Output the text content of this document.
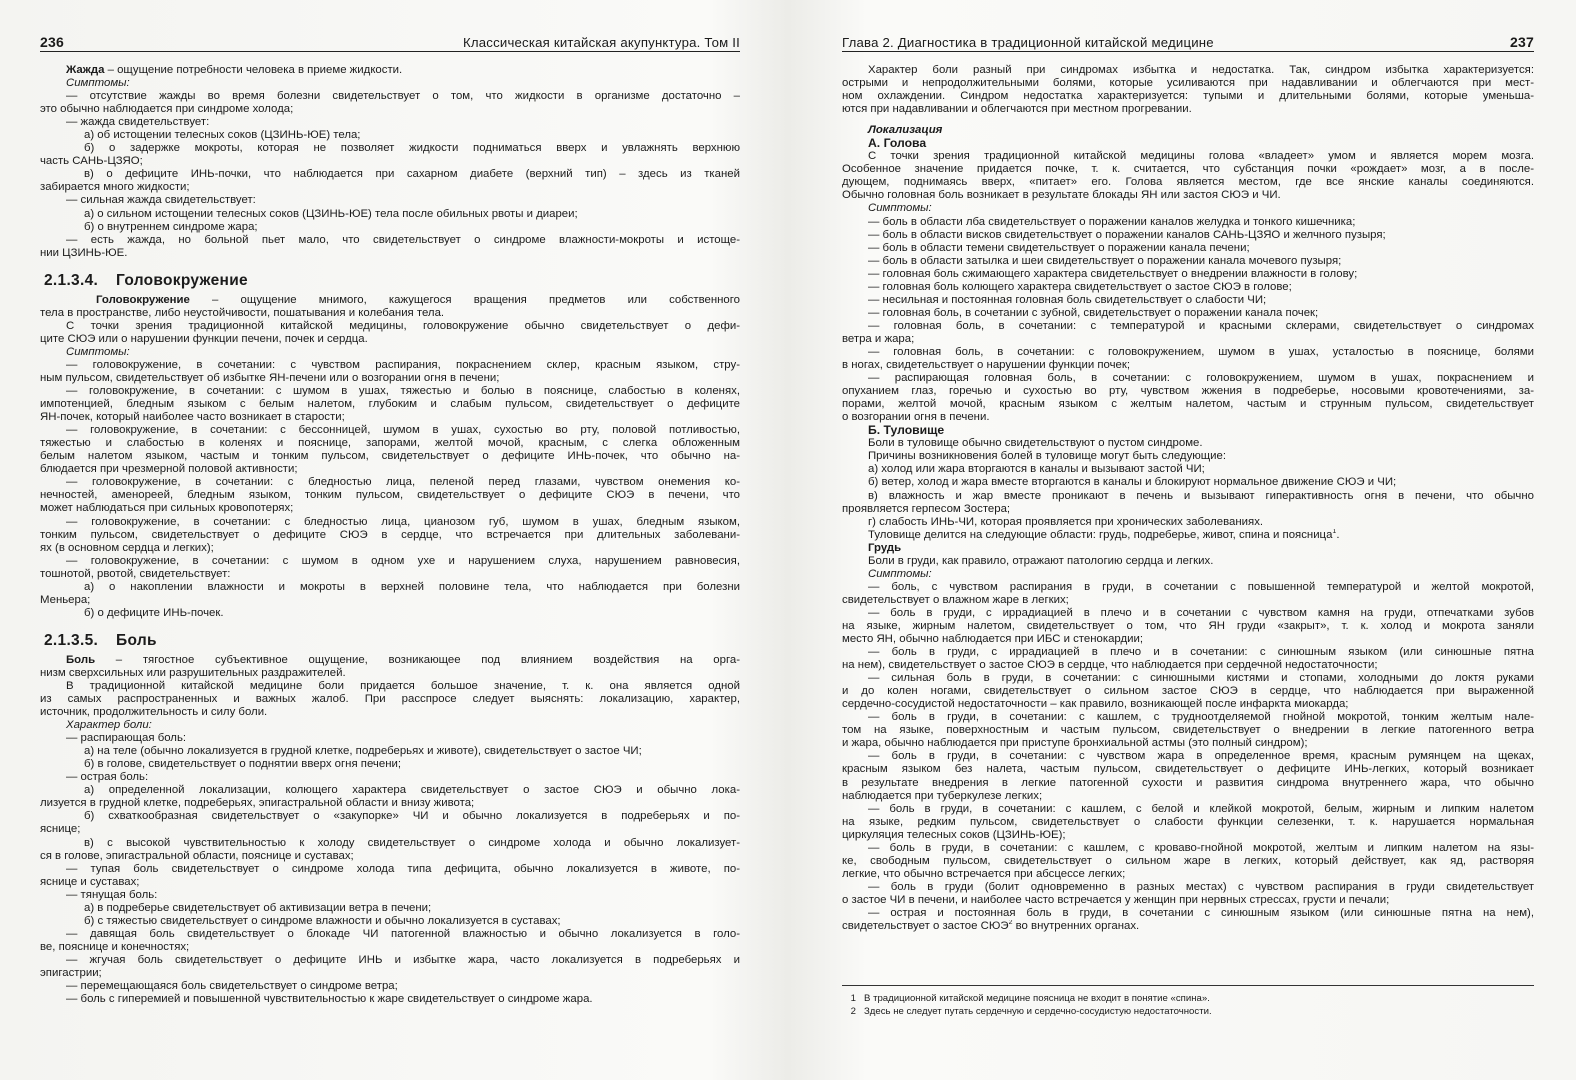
236	Классическая китайская акупунктура. Том II
Жажда – ощущение потребности человека в приеме жидкости.
Симптомы:
— отсутствие жажды во время болезни свидетельствует о том, что жидкости в организме достаточно –
это обычно наблюдается при синдроме холода;
— жажда свидетельствует:
а) об истощении телесных соков (ЦЗИНЬ-ЮЕ) тела;
б) о задержке мокроты, которая не позволяет жидкости подниматься вверх и увлажнять верхнюю
часть САНЬ-ЦЗЯО;
в) о дефиците ИНЬ-почки, что наблюдается при сахарном диабете (верхний тип) – здесь из тканей
забирается много жидкости;
— сильная жажда свидетельствует:
а) о сильном истощении телесных соков (ЦЗИНЬ-ЮЕ) тела после обильных рвоты и диареи;
б) о внутреннем синдроме жара;
— есть жажда, но больной пьет мало, что свидетельствует о синдроме влажности-мокроты и истоще-
нии ЦЗИНЬ-ЮЕ.
2.1.3.4. Головокружение
Головокружение – ощущение мнимого, кажущегося вращения предметов или собственного
тела в пространстве, либо неустойчивости, пошатывания и колебания тела.
С точки зрения традиционной китайской медицины, головокружение обычно свидетельствует о дефи-
ците СЮЭ или о нарушении функции печени, почек и сердца.
Симптомы:
— головокружение, в сочетании: с чувством распирания, покраснением склер, красным языком, стру-
ным пульсом, свидетельствует об избытке ЯН-печени или о возгорании огня в печени;
— головокружение, в сочетании: с шумом в ушах, тяжестью и болью в пояснице, слабостью в коленях,
импотенцией, бледным языком с белым налетом, глубоким и слабым пульсом, свидетельствует о дефиците
ЯН-почек, который наиболее часто возникает в старости;
— головокружение, в сочетании: с бессонницей, шумом в ушах, сухостью во рту, половой потливостью,
тяжестью и слабостью в коленях и пояснице, запорами, желтой мочой, красным, с слегка обложенным
белым налетом языком, частым и тонким пульсом, свидетельствует о дефиците ИНЬ-почек, что обычно на-
блюдается при чрезмерной половой активности;
— головокружение, в сочетании: с бледностью лица, пеленой перед глазами, чувством онемения ко-
нечностей, аменореей, бледным языком, тонким пульсом, свидетельствует о дефиците СЮЭ в печени, что
может наблюдаться при сильных кровопотерях;
— головокружение, в сочетании: с бледностью лица, цианозом губ, шумом в ушах, бледным языком,
тонким пульсом, свидетельствует о дефиците СЮЭ в сердце, что встречается при длительных заболевани-
ях (в основном сердца и легких);
— головокружение, в сочетании: с шумом в одном ухе и нарушением слуха, нарушением равновесия,
тошнотой, рвотой, свидетельствует:
а) о накоплении влажности и мокроты в верхней половине тела, что наблюдается при болезни
Меньера;
б) о дефиците ИНЬ-почек.
2.1.3.5. Боль
Боль – тягостное субъективное ощущение, возникающее под влиянием воздействия на орга-
низм сверхсильных или разрушительных раздражителей.
В традиционной китайской медицине боли придается большое значение, т. к. она является одной
из самых распространенных и важных жалоб. При расспросе следует выяснять: локализацию, характер,
источник, продолжительность и силу боли.
Характер боли:
— распирающая боль:
а) на теле (обычно локализуется в грудной клетке, подреберьях и животе), свидетельствует о застое ЧИ;
б) в голове, свидетельствует о поднятии вверх огня печени;
— острая боль:
а) определенной локализации, колющего характера свидетельствует о застое СЮЭ и обычно лока-
лизуется в грудной клетке, подреберьях, эпигастральной области и внизу живота;
б) схваткообразная свидетельствует о «закупорке» ЧИ и обычно локализуется в подреберьях и по-
яснице;
в) с высокой чувствительностью к холоду свидетельствует о синдроме холода и обычно локализует-
ся в голове, эпигастральной области, пояснице и суставах;
— тупая боль свидетельствует о синдроме холода типа дефицита, обычно локализуется в животе, по-
яснице и суставах;
— тянущая боль:
а) в подреберье свидетельствует об активизации ветра в печени;
б) с тяжестью свидетельствует о синдроме влажности и обычно локализуется в суставах;
— давящая боль свидетельствует о блокаде ЧИ патогенной влажностью и обычно локализуется в голо-
ве, пояснице и конечностях;
— жгучая боль свидетельствует о дефиците ИНЬ и избытке жара, часто локализуется в подреберьях и
эпигастрии;
— перемещающаяся боль свидетельствует о синдроме ветра;
— боль с гиперемией и повышенной чувствительностью к жаре свидетельствует о синдроме жара.
Глава 2. Диагностика в традиционной китайской медицине	237
Характер боли разный при синдромах избытка и недостатка. Так, синдром избытка характеризуется:
острыми и непродолжительными болями, которые усиливаются при надавливании и облегчаются при мест-
ном охлаждении. Синдром недостатка характеризуется: тупыми и длительными болями, которые уменьша-
ются при надавливании и облегчаются при местном прогревании.
Локализация
А. Голова
С точки зрения традиционной китайской медицины голова «владеет» умом и является морем мозга.
Особенное значение придается почке, т. к. считается, что субстанция почки «рождает» мозг, а в после-
дующем, поднимаясь вверх, «питает» его. Голова является местом, где все янские каналы соединяются.
Обычно головная боль возникает в результате блокады ЯН или застоя СЮЭ и ЧИ.
Симптомы:
— боль в области лба свидетельствует о поражении каналов желудка и тонкого кишечника;
— боль в области висков свидетельствует о поражении каналов САНЬ-ЦЗЯО и желчного пузыря;
— боль в области темени свидетельствует о поражении канала печени;
— боль в области затылка и шеи свидетельствует о поражении канала мочевого пузыря;
— головная боль сжимающего характера свидетельствует о внедрении влажности в голову;
— головная боль колющего характера свидетельствует о застое СЮЭ в голове;
— несильная и постоянная головная боль свидетельствует о слабости ЧИ;
— головная боль, в сочетании с зубной, свидетельствует о поражении канала почек;
— головная боль, в сочетании: с температурой и красными склерами, свидетельствует о синдромах
ветра и жара;
— головная боль, в сочетании: с головокружением, шумом в ушах, усталостью в пояснице, болями
в ногах, свидетельствует о нарушении функции почек;
— распирающая головная боль, в сочетании: с головокружением, шумом в ушах, покраснением и
опуханием глаз, горечью и сухостью во рту, чувством жжения в подреберье, носовыми кровотечениями, за-
порами, желтой мочой, красным языком с желтым налетом, частым и струнным пульсом, свидетельствует
о возгорании огня в печени.
Б. Туловище
Боли в туловище обычно свидетельствуют о пустом синдроме.
Причины возникновения болей в туловище могут быть следующие:
а) холод или жара вторгаются в каналы и вызывают застой ЧИ;
б) ветер, холод и жара вместе вторгаются в каналы и блокируют нормальное движение СЮЭ и ЧИ;
в) влажность и жар вместе проникают в печень и вызывают гиперактивность огня в печени, что обычно
проявляется герпесом Зостера;
г) слабость ИНЬ-ЧИ, которая проявляется при хронических заболеваниях.
Туловище делится на следующие области: грудь, подреберье, живот, спина и поясница$^1$.
Грудь
Боли в груди, как правило, отражают патологию сердца и легких.
Симптомы:
— боль, с чувством распирания в груди, в сочетании с повышенной температурой и желтой мокротой,
свидетельствует о влажном жаре в легких;
— боль в груди, с иррадиацией в плечо и в сочетании с чувством камня на груди, отпечатками зубов
на языке, жирным налетом, свидетельствует о том, что ЯН груди «закрыт», т. к. холод и мокрота заняли
место ЯН, обычно наблюдается при ИБС и стенокардии;
— боль в груди, с иррадиацией в плечо и в сочетании: с синюшным языком (или синюшные пятна
на нем), свидетельствует о застое СЮЭ в сердце, что наблюдается при сердечной недостаточности;
— сильная боль в груди, в сочетании: с синюшными кистями и стопами, холодными до локтя руками
и до колен ногами, свидетельствует о сильном застое СЮЭ в сердце, что наблюдается при выраженной
сердечно-сосудистой недостаточности – как правило, возникающей после инфаркта миокарда;
— боль в груди, в сочетании: с кашлем, с трудноотделяемой гнойной мокротой, тонким желтым нале-
том на языке, поверхностным и частым пульсом, свидетельствует о внедрении в легкие патогенного ветра
и жара, обычно наблюдается при приступе бронхиальной астмы (это полный синдром);
— боль в груди, в сочетании: с чувством жара в определенное время, красным румянцем на щеках,
красным языком без налета, частым пульсом, свидетельствует о дефиците ИНЬ-легких, который возникает
в результате внедрения в легкие патогенной сухости и развития синдрома внутреннего жара, что обычно
наблюдается при туберкулезе легких;
— боль в груди, в сочетании: с кашлем, с белой и клейкой мокротой, белым, жирным и липким налетом
на языке, редким пульсом, свидетельствует о слабости функции селезенки, т. к. нарушается нормальная
циркуляция телесных соков (ЦЗИНЬ-ЮЕ);
— боль в груди, в сочетании: с кашлем, с кроваво-гнойной мокротой, желтым и липким налетом на язы-
ке, свободным пульсом, свидетельствует о сильном жаре в легких, который действует, как яд, растворяя
легкие, что обычно встречается при абсцессе легких;
— боль в груди (болит одновременно в разных местах) с чувством распирания в груди свидетельствует
о застое ЧИ в печени, и наиболее часто встречается у женщин при нервных стрессах, грусти и печали;
— острая и постоянная боль в груди, в сочетании с синюшным языком (или синюшные пятна на нем),
свидетельствует о застое СЮЭ$^2$ во внутренних органах.
1 В традиционной китайской медицине поясница не входит в понятие «спина».
2 Здесь не следует путать сердечную и сердечно-сосудистую недостаточности.
